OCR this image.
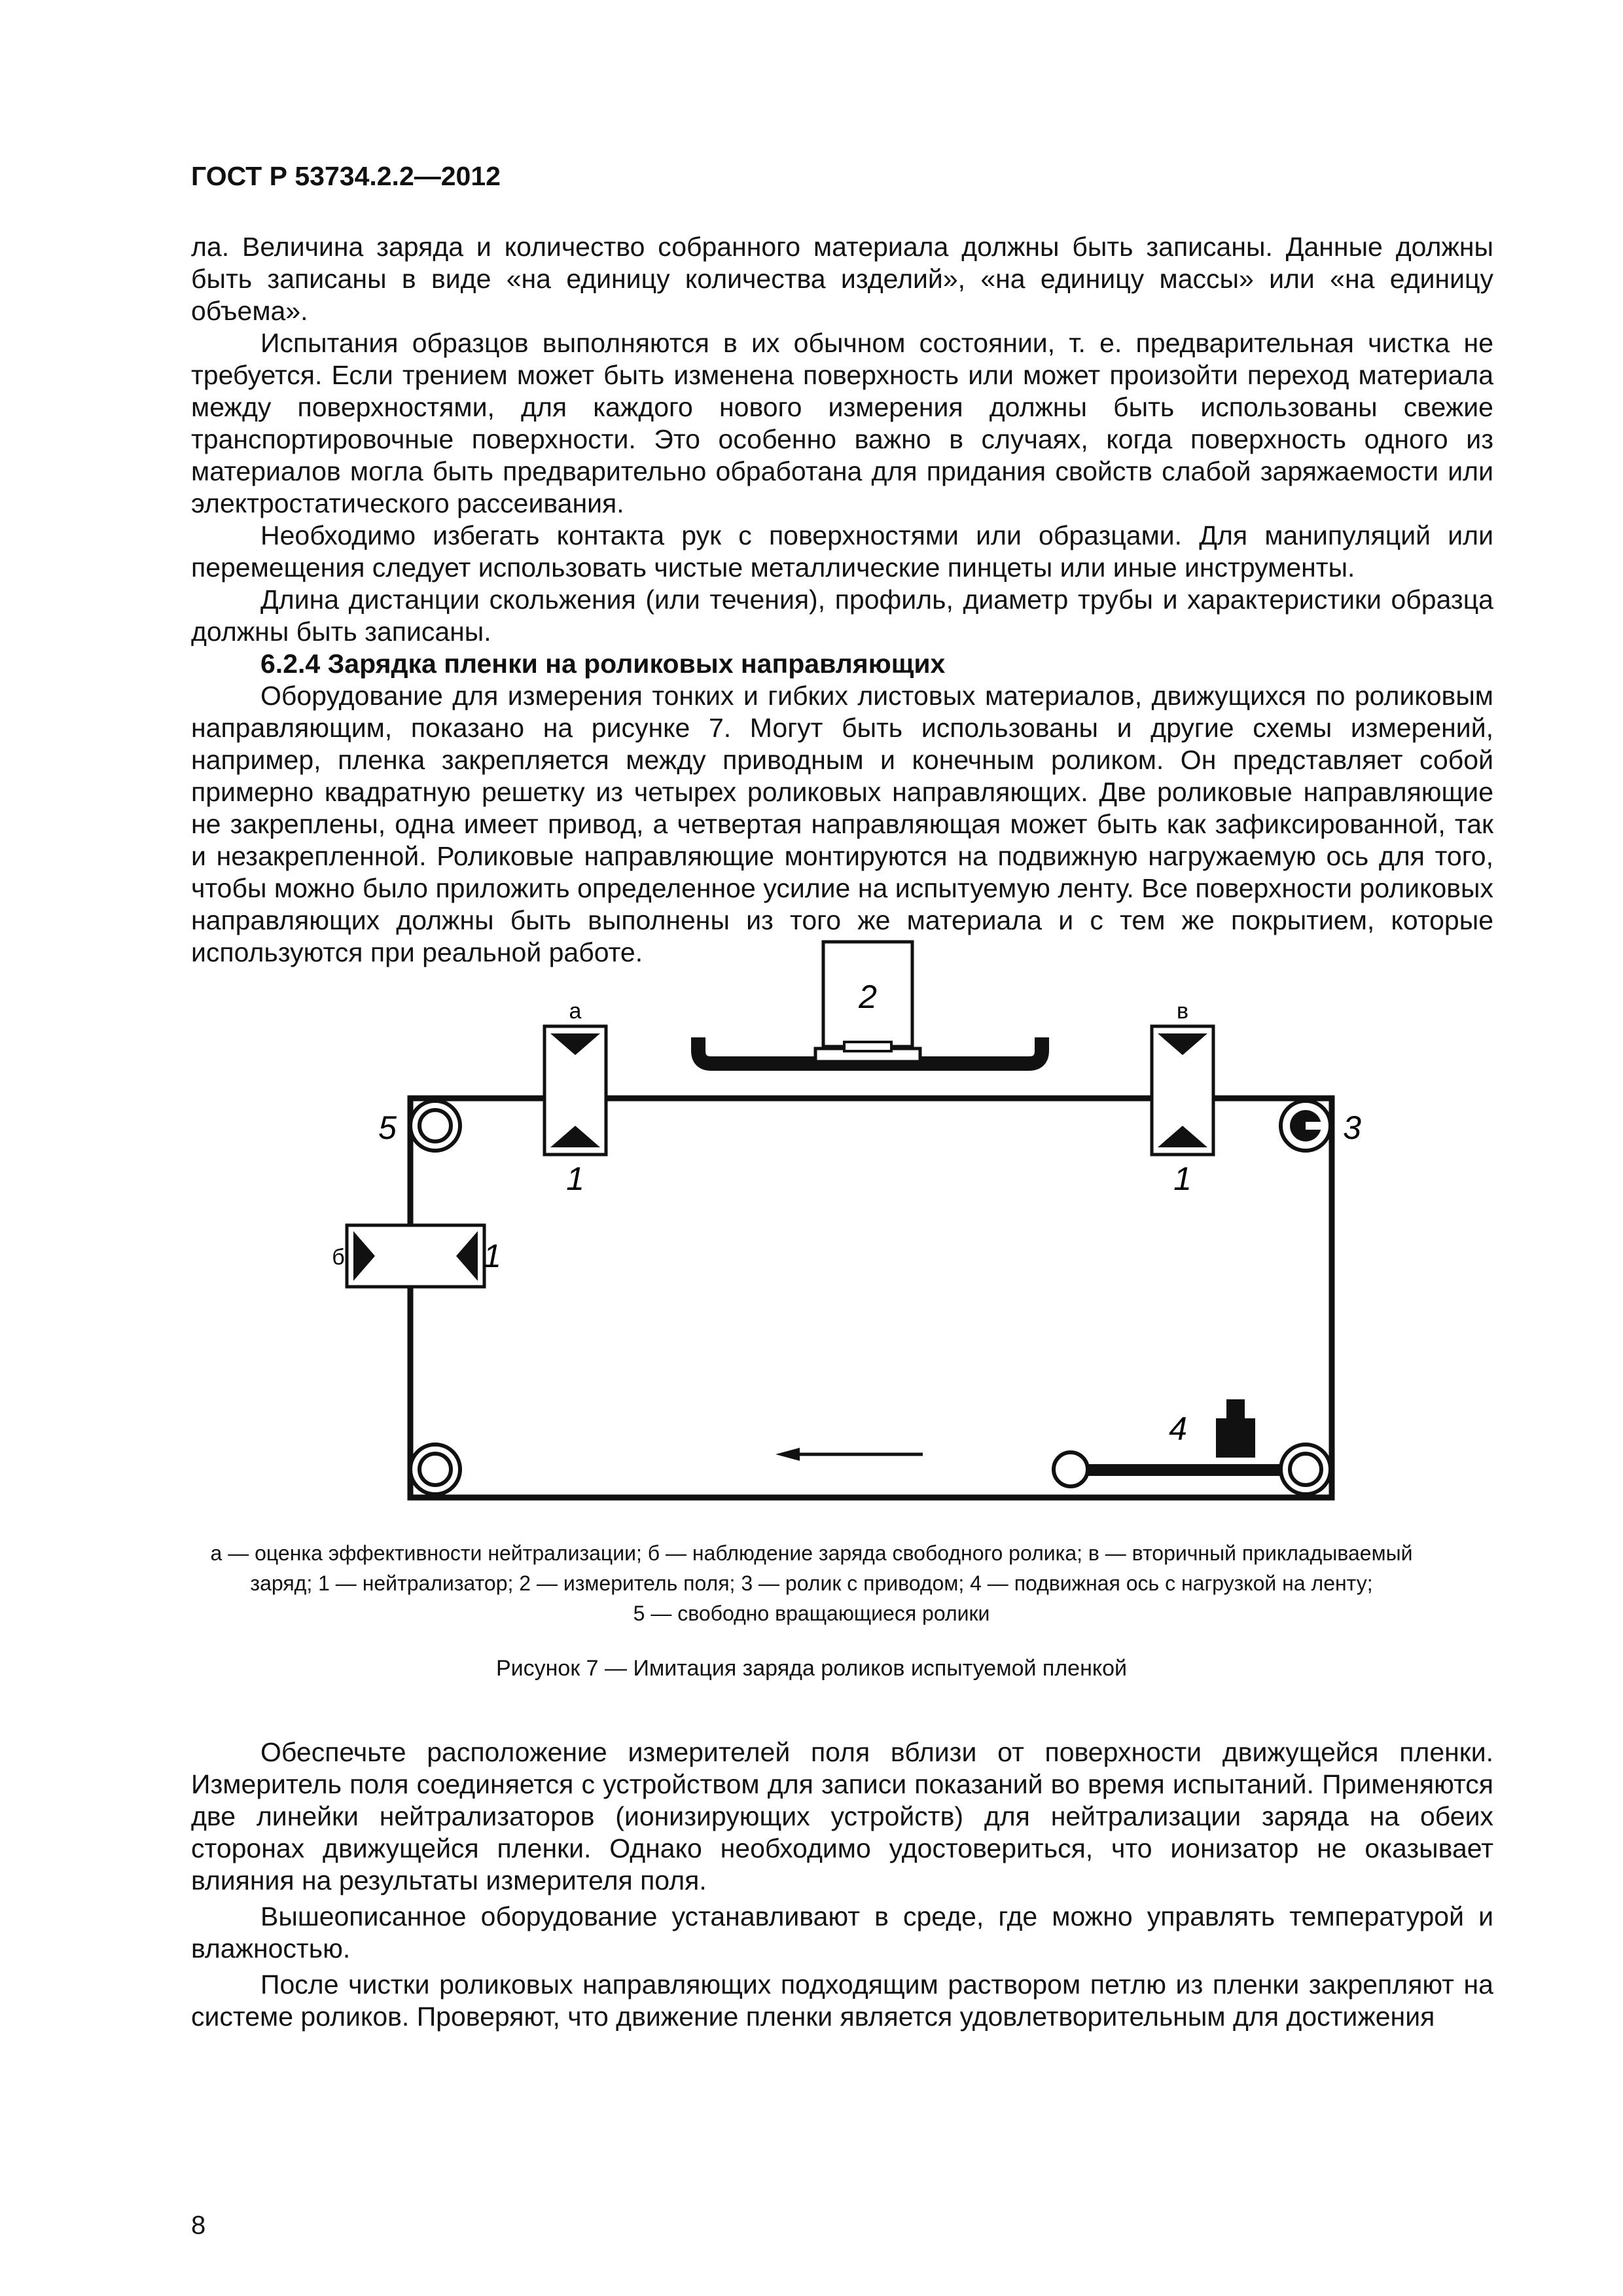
ГОСТ Р 53734.2.2—2012

ла. Величина заряда и количество собранного материала должны быть записаны. Данные должны быть записаны в виде «на единицу количества изделий», «на единицу массы» или «на единицу объема».

Испытания образцов выполняются в их обычном состоянии, т. е. предварительная чистка не требуется. Если трением может быть изменена поверхность или может произойти переход материала между поверхностями, для каждого нового измерения должны быть использованы свежие транспортировочные поверхности. Это особенно важно в случаях, когда поверхность одного из материалов могла быть предварительно обработана для придания свойств слабой заряжаемости или электростатического рассеивания.

Необходимо избегать контакта рук с поверхностями или образцами. Для манипуляций или перемещения следует использовать чистые металлические пинцеты или иные инструменты.

Длина дистанции скольжения (или течения), профиль, диаметр трубы и характеристики образца должны быть записаны.

6.2.4 Зарядка пленки на роликовых направляющих

Оборудование для измерения тонких и гибких листовых материалов, движущихся по роликовым направляющим, показано на рисунке 7. Могут быть использованы и другие схемы измерений, например, пленка закрепляется между приводным и конечным роликом. Он представляет собой примерно квадратную решетку из четырех роликовых направляющих. Две роликовые направляющие не закреплены, одна имеет привод, а четвертая направляющая может быть как зафиксированной, так и незакрепленной. Роликовые направляющие монтируются на подвижную нагружаемую ось для того, чтобы можно было приложить определенное усилие на испытуемую ленту. Все поверхности роликовых направляющих должны быть выполнены из того же материала и с тем же покрытием, которые используются при реальной работе.

а	в
б
2
5	3
1	1
1
4
а — оценка эффективности нейтрализации; б — наблюдение заряда свободного ролика; в — вторичный прикладываемый
заряд; 1 — нейтрализатор; 2 — измеритель поля; 3 — ролик с приводом; 4 — подвижная ось с нагрузкой на ленту;
5 — свободно вращающиеся ролики
Рисунок 7 — Имитация заряда роликов испытуемой пленкой

Обеспечьте расположение измерителей поля вблизи от поверхности движущейся пленки. Измеритель поля соединяется с устройством для записи показаний во время испытаний. Применяются две линейки нейтрализаторов (ионизирующих устройств) для нейтрализации заряда на обеих сторонах движущейся пленки. Однако необходимо удостовериться, что ионизатор не оказывает влияния на результаты измерителя поля.

Вышеописанное оборудование устанавливают в среде, где можно управлять температурой и влажностью.

После чистки роликовых направляющих подходящим раствором петлю из пленки закрепляют на системе роликов. Проверяют, что движение пленки является удовлетворительным для достижения

8
